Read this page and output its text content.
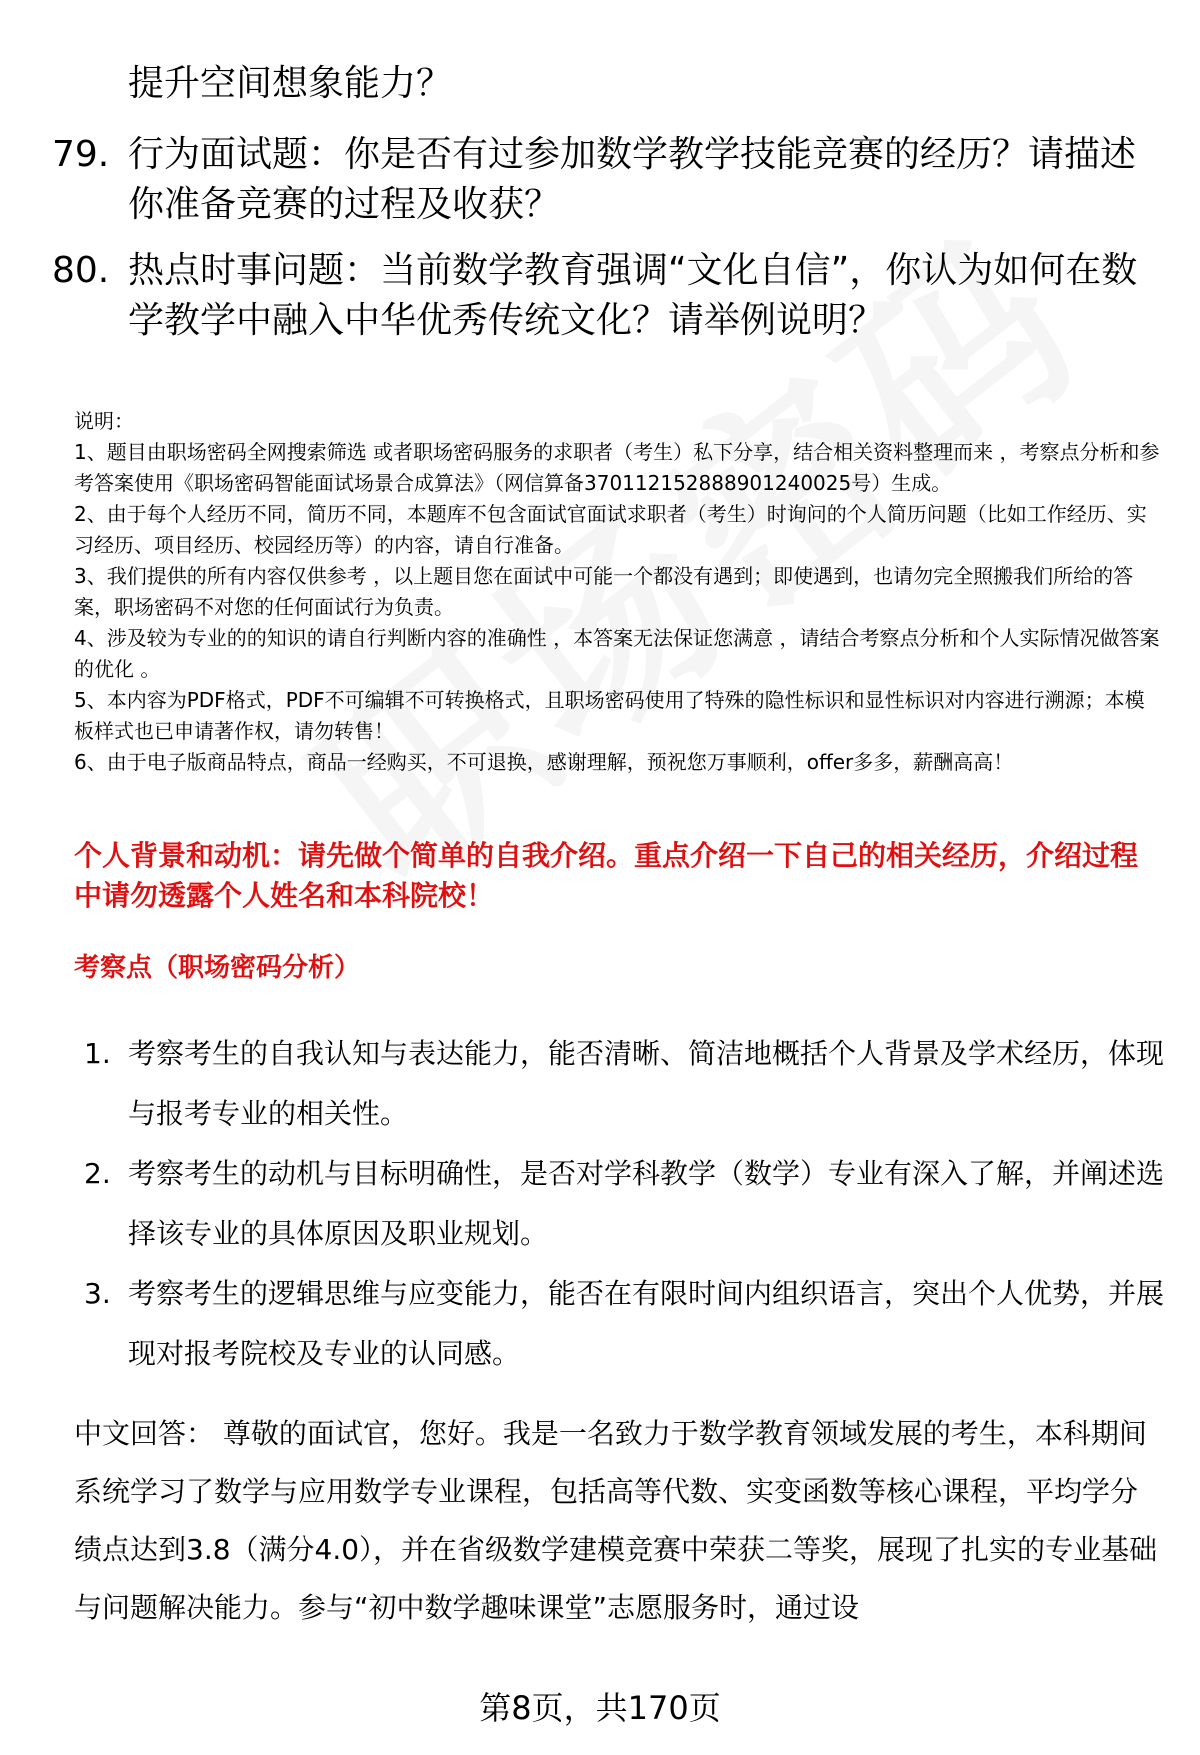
提升空间想象能力？
79. 行为面试题：你是否有过参加数学教学技能竞赛的经历？请描述你准备竞赛的过程及收获？
80. 热点时事问题：当前数学教育强调“文化自信”，你认为如何在数学教学中融入中华优秀传统文化？请举例说明？

说明：

1、题目由职场密码全网搜索筛选 或者职场密码服务的求职者（考生）私下分享，结合相关资料整理而来 ，考察点分析和参考答案使用《职场密码智能面试场景合成算法》（网信算备370112152888901240025号）生成。

2、由于每个人经历不同，简历不同，本题库不包含面试官面试求职者（考生）时询问的个人简历问题（比如工作经历、实习经历、项目经历、校园经历等）的内容，请自行准备。

3、我们提供的所有内容仅供参考 ，以上题目您在面试中可能一个都没有遇到；即使遇到，也请勿完全照搬我们所给的答案，职场密码不对您的任何面试行为负责。

4、涉及较为专业的的知识的请自行判断内容的准确性 ，本答案无法保证您满意 ，请结合考察点分析和个人实际情况做答案的优化 。

5、本内容为PDF格式，PDF不可编辑不可转换格式，且职场密码使用了特殊的隐性标识和显性标识对内容进行溯源；本模板样式也已申请著作权，请勿转售！

6、由于电子版商品特点，商品一经购买，不可退换，感谢理解，预祝您万事顺利，offer多多，薪酬高高！

个人背景和动机：请先做个简单的自我介绍。重点介绍一下自己的相关经历，介绍过程中请勿透露个人姓名和本科院校！
考察点（职场密码分析）
1. 考察考生的自我认知与表达能力，能否清晰、简洁地概括个人背景及学术经历，体现与报考专业的相关性。
2. 考察考生的动机与目标明确性，是否对学科教学（数学）专业有深入了解，并阐述选择该专业的具体原因及职业规划。
3. 考察考生的逻辑思维与应变能力，能否在有限时间内组织语言，突出个人优势，并展现对报考院校及专业的认同感。
中文回答： 尊敬的面试官，您好。我是一名致力于数学教育领域发展的考生，本科期间系统学习了数学与应用数学专业课程，包括高等代数、实变函数等核心课程，平均学分绩点达到3.8（满分4.0），并在省级数学建模竞赛中荣获二等奖，展现了扎实的专业基础与问题解决能力。参与“初中数学趣味课堂”志愿服务时，通过设
第8页，共170页
